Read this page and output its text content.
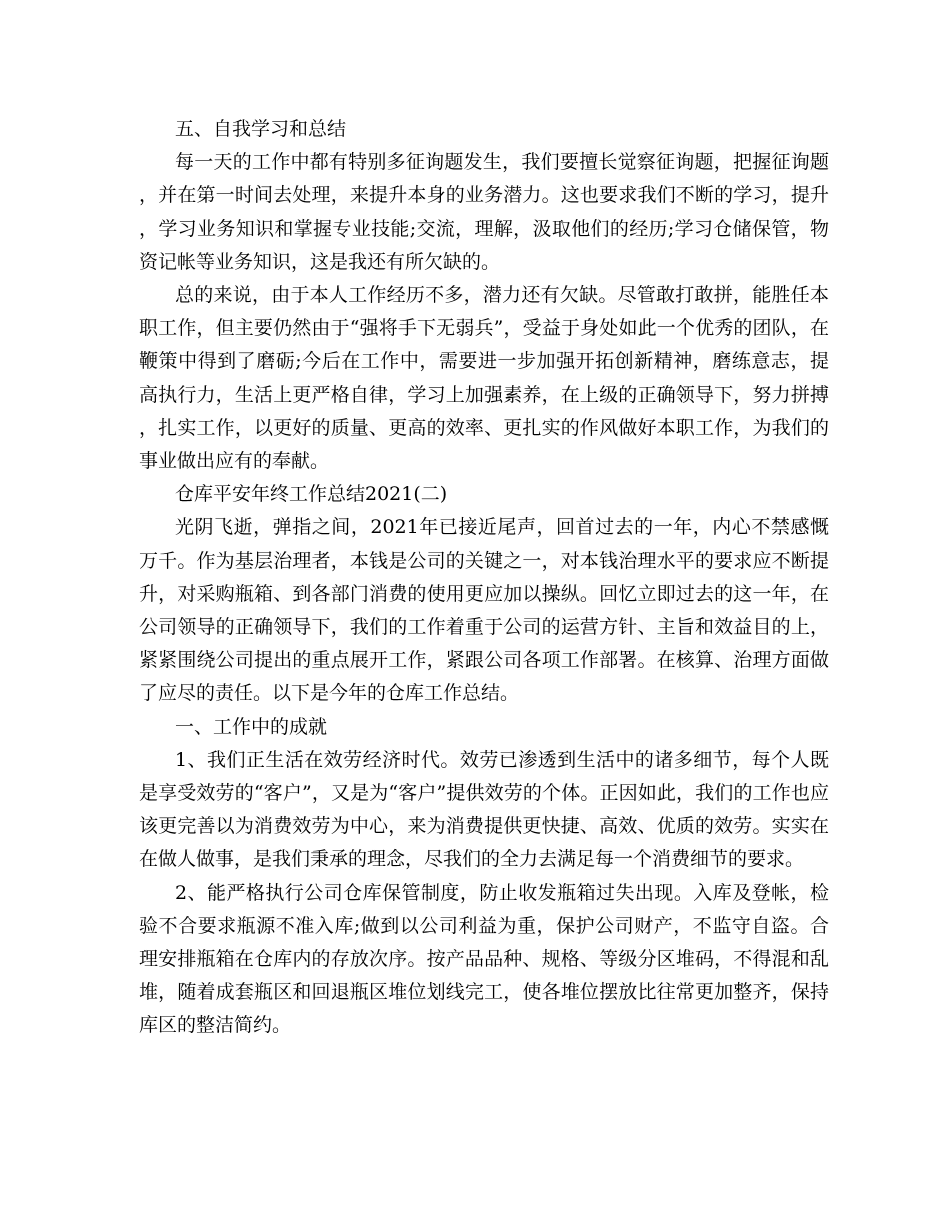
五、自我学习和总结

每一天的工作中都有特别多征询题发生，我们要擅长觉察征询题，把握征询题，并在第一时间去处理，来提升本身的业务潜力。这也要求我们不断的学习，提升，学习业务知识和掌握专业技能;交流，理解，汲取他们的经历;学习仓储保管，物资记帐等业务知识，这是我还有所欠缺的。

总的来说，由于本人工作经历不多，潜力还有欠缺。尽管敢打敢拼，能胜任本职工作，但主要仍然由于“强将手下无弱兵”，受益于身处如此一个优秀的团队，在鞭策中得到了磨砺;今后在工作中，需要进一步加强开拓创新精神，磨练意志，提高执行力，生活上更严格自律，学习上加强素养，在上级的正确领导下，努力拼搏，扎实工作，以更好的质量、更高的效率、更扎实的作风做好本职工作，为我们的事业做出应有的奉献。

仓库平安年终工作总结2021(二)

光阴飞逝，弹指之间，2021年已接近尾声，回首过去的一年，内心不禁感慨万千。作为基层治理者，本钱是公司的关键之一，对本钱治理水平的要求应不断提升，对采购瓶箱、到各部门消费的使用更应加以操纵。回忆立即过去的这一年，在公司领导的正确领导下，我们的工作着重于公司的运营方针、主旨和效益目的上，紧紧围绕公司提出的重点展开工作，紧跟公司各项工作部署。在核算、治理方面做了应尽的责任。以下是今年的仓库工作总结。

一、工作中的成就

1、我们正生活在效劳经济时代。效劳已渗透到生活中的诸多细节，每个人既是享受效劳的“客户”，又是为“客户”提供效劳的个体。正因如此，我们的工作也应该更完善以为消费效劳为中心，来为消费提供更快捷、高效、优质的效劳。实实在在做人做事，是我们秉承的理念，尽我们的全力去满足每一个消费细节的要求。

2、能严格执行公司仓库保管制度，防止收发瓶箱过失出现。入库及登帐，检验不合要求瓶源不准入库;做到以公司利益为重，保护公司财产，不监守自盗。合理安排瓶箱在仓库内的存放次序。按产品品种、规格、等级分区堆码，不得混和乱堆，随着成套瓶区和回退瓶区堆位划线完工，使各堆位摆放比往常更加整齐，保持库区的整洁简约。
